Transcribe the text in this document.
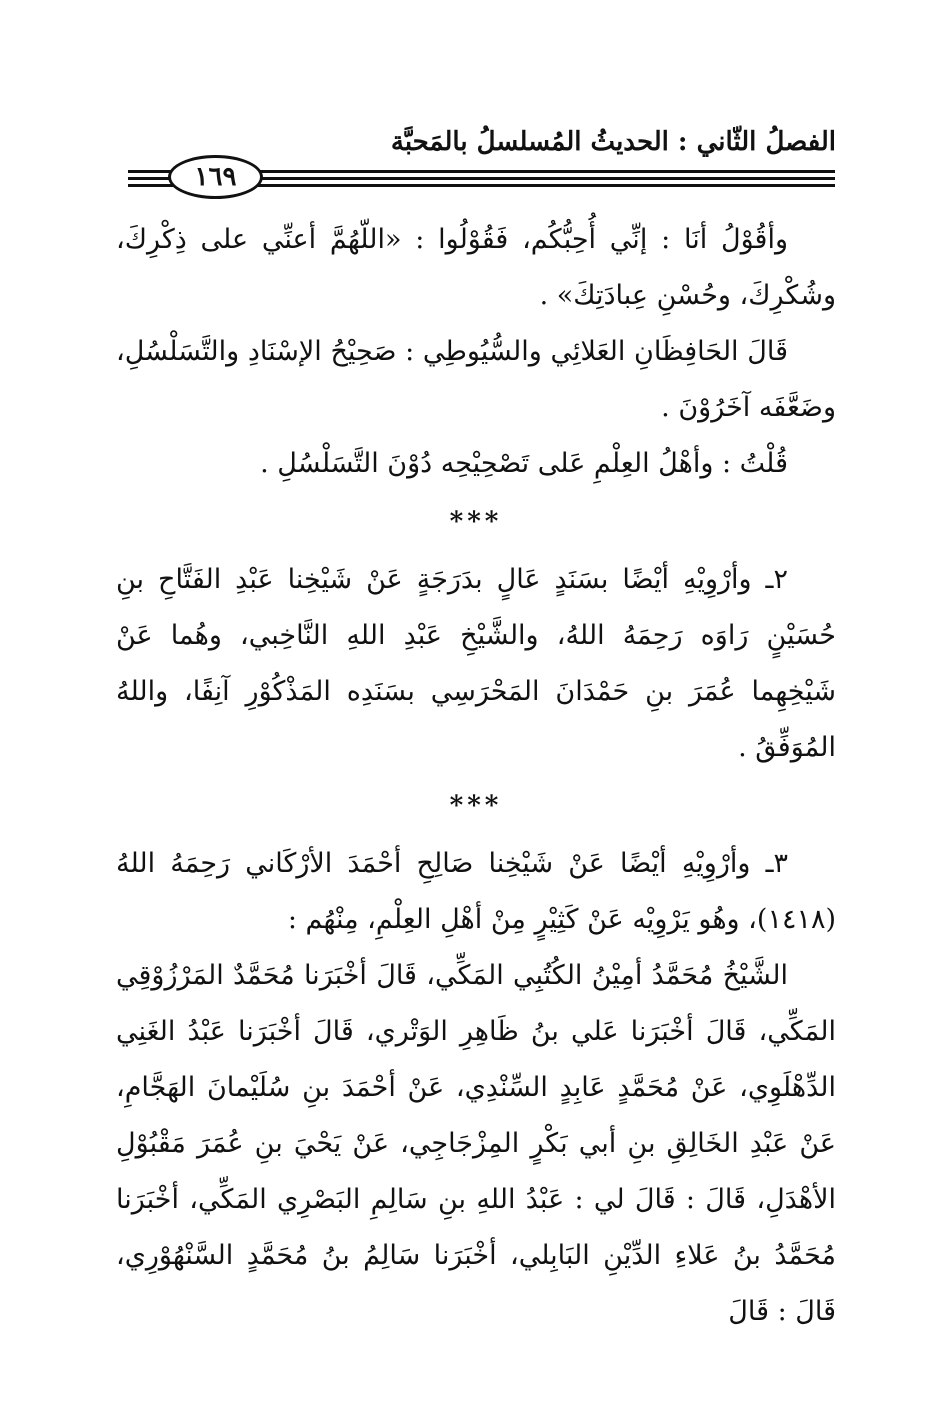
الفصلُ الثّاني : الحديثُ المُسلسلُ بالمَحبَّة
١٦٩

وأقُوْلُ أنَا : إنِّي أُحِبُّكُم، فَقُوْلُوا : «اللّهُمَّ أعنِّي على ذِكْرِكَ، وشُكْرِكَ، وحُسْنِ عِبادَتِكَ» .

قَالَ الحَافِظَانِ العَلائِي والسُّيُوطِي : صَحِيْحُ الإسْنَادِ والتَّسَلْسُلِ، وضَعَّفَه آخَرُوْنَ .

قُلْتُ : وأهْلُ العِلْمِ عَلى تَصْحِيْحِه دُوْنَ التَّسَلْسُلِ .

***

٢ـ وأرْوِيْهِ أيْضًا بسَنَدٍ عَالٍ بدَرَجَةٍ عَنْ شَيْخِنا عَبْدِ الفَتَّاحِ بنِ حُسَيْنٍ رَاوَه رَحِمَهُ اللهُ، والشَّيْخِ عَبْدِ اللهِ النَّاخِبي، وهُما عَنْ شَيْخِهِما عُمَرَ بنِ حَمْدَانَ المَحْرَسِي بسَنَدِه المَذْكُوْرِ آنِفًا، واللهُ المُوَفِّقُ .

***

٣ـ وأرْوِيْهِ أيْضًا عَنْ شَيْخِنا صَالِحِ أحْمَدَ الأرْكَاني رَحِمَهُ اللهُ (١٤١٨)، وهُو يَرْوِيْه عَنْ كَثِيْرٍ مِنْ أهْلِ العِلْمِ، مِنْهُم :

الشَّيْخُ مُحَمَّدُ أمِيْنُ الكُتُبِي المَكِّي، قَالَ أخْبَرَنا مُحَمَّدٌ المَرْزُوْقِي المَكِّي، قَالَ أخْبَرَنا عَلي بنُ ظَاهِرِ الوَتْري، قَالَ أخْبَرَنا عَبْدُ الغَنِي الدِّهْلَوِي، عَنْ مُحَمَّدٍ عَابِدٍ السِّنْدِي، عَنْ أحْمَدَ بنِ سُلَيْمانَ الهَجَّامِ، عَنْ عَبْدِ الخَالِقِ بنِ أبي بَكْرٍ المِزْجَاجِي، عَنْ يَحْيَ بنِ عُمَرَ مَقْبُوْلِ الأهْدَلِ، قَالَ : قَالَ لي : عَبْدُ اللهِ بنِ سَالِمِ البَصْرِي المَكِّي، أخْبَرَنا مُحَمَّدُ بنُ عَلاءِ الدِّيْنِ البَابِلي، أخْبَرَنا سَالِمُ بنُ مُحَمَّدٍ السَّنْهُوْرِي، قَالَ : قَالَ
